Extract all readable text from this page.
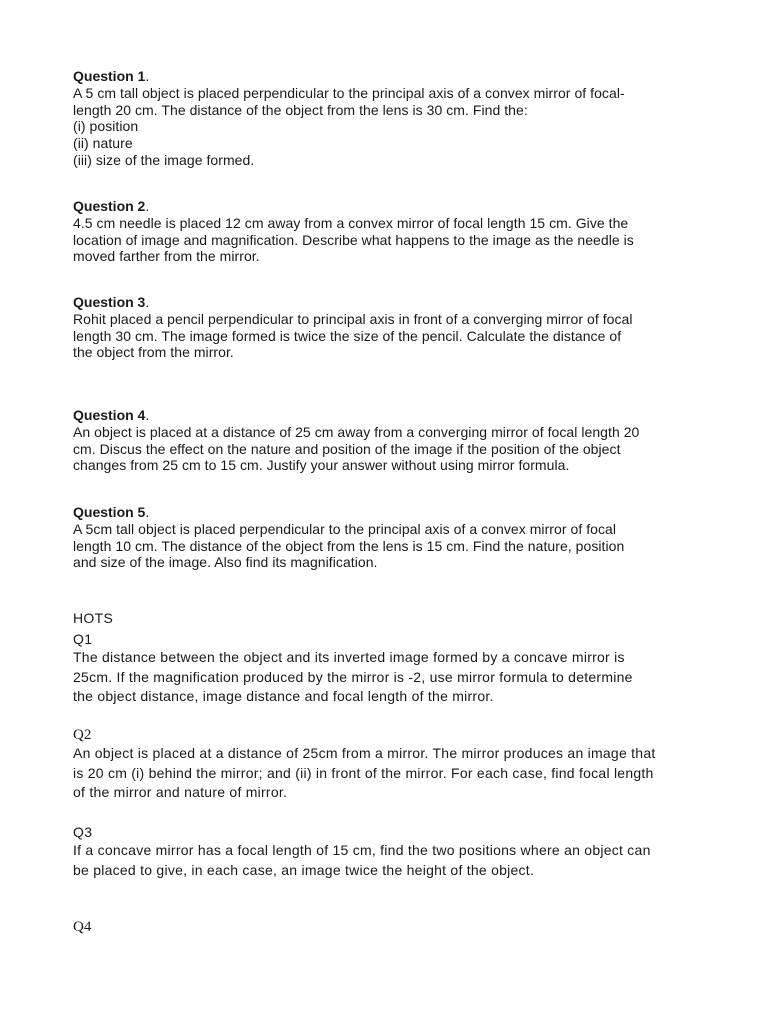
Question 1.

A 5 cm tall object is placed perpendicular to the principal axis of a convex mirror of focal-

length 20 cm. The distance of the object from the lens is 30 cm. Find the:

(i) position

(ii) nature

(iii) size of the image formed.

Question 2.

4.5 cm needle is placed 12 cm away from a convex mirror of focal length 15 cm. Give the

location of image and magnification. Describe what happens to the image as the needle is

moved farther from the mirror.

Question 3.

Rohit placed a pencil perpendicular to principal axis in front of a converging mirror of focal

length 30 cm. The image formed is twice the size of the pencil. Calculate the distance of

the object from the mirror.

Question 4.

An object is placed at a distance of 25 cm away from a converging mirror of focal length 20

cm. Discus the effect on the nature and position of the image if the position of the object

changes from 25 cm to 15 cm. Justify your answer without using mirror formula.

Question 5.

A 5cm tall object is placed perpendicular to the principal axis of a convex mirror of focal

length 10 cm. The distance of the object from the lens is 15 cm. Find the nature, position

and size of the image. Also find its magnification.

HOTS
Q1

The distance between the object and its inverted image formed by a concave mirror is

25cm. If the magnification produced by the mirror is -2, use mirror formula to determine

the object distance, image distance and focal length of the mirror.

Q2

An object is placed at a distance of 25cm from a mirror. The mirror produces an image that

is 20 cm (i) behind the mirror; and (ii) in front of the mirror. For each case, find focal length

of the mirror and nature of mirror.

Q3

If a concave mirror has a focal length of 15 cm, find the two positions where an object can

be placed to give, in each case, an image twice the height of the object.

Q4
